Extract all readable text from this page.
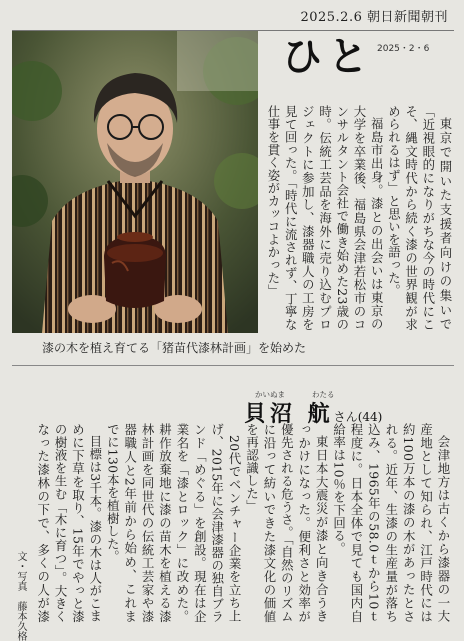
2025.2.6 朝日新聞朝刊
漆の木を植え育てる「猪苗代漆林計画」を始めた
ひと 2025・2・6

東京で開いた支援者向けの集いで「近視眼的になりがちな今の時代にこそ、縄文時代から続く漆の世界観が求められるはず」と思いを語った。

福島市出身。漆との出会いは東京の大学を卒業後、福島県会津若松市のコンサルタント会社で働き始めた23歳の時。伝統工芸品を海外に売り込むプロジェクトに参加し、漆器職人の工房を見て回った。「時代に流されず、丁寧な仕事を貫く姿がカッコよかった」

かいぬま	わたる
貝沼 航さん(44)

会津地方は古くから漆器の一大産地として知られ、江戸時代には約100万本の漆の木があったとされる。近年、生漆の生産量が落ち込み、1965年の58.0ｔから10ｔ程度に。日本全体で見ても国内自給率は10％を下回る。

東日本大震災が漆と向き合うきっかけになった。便利さと効率が優先される危うさ。「自然のリズムに沿って紡いできた漆文化の価値を再認識した」

20代でベンチャー企業を立ち上げ、2015年に会津漆器の独自ブランド「めぐる」を創設。現在は企業名を「漆とロック」に改めた。耕作放棄地に漆の苗木を植える漆林計画を同世代の伝統工芸家や漆器職人と2年前から始め、これまでに130本を植樹した。

目標は3千本。漆の木は人がこまめに下草を取り、15年でやっと漆の樹液を生む「木に育つ」。大きくなった漆林の下で、多くの人が漆

文・写真　藤本久格
